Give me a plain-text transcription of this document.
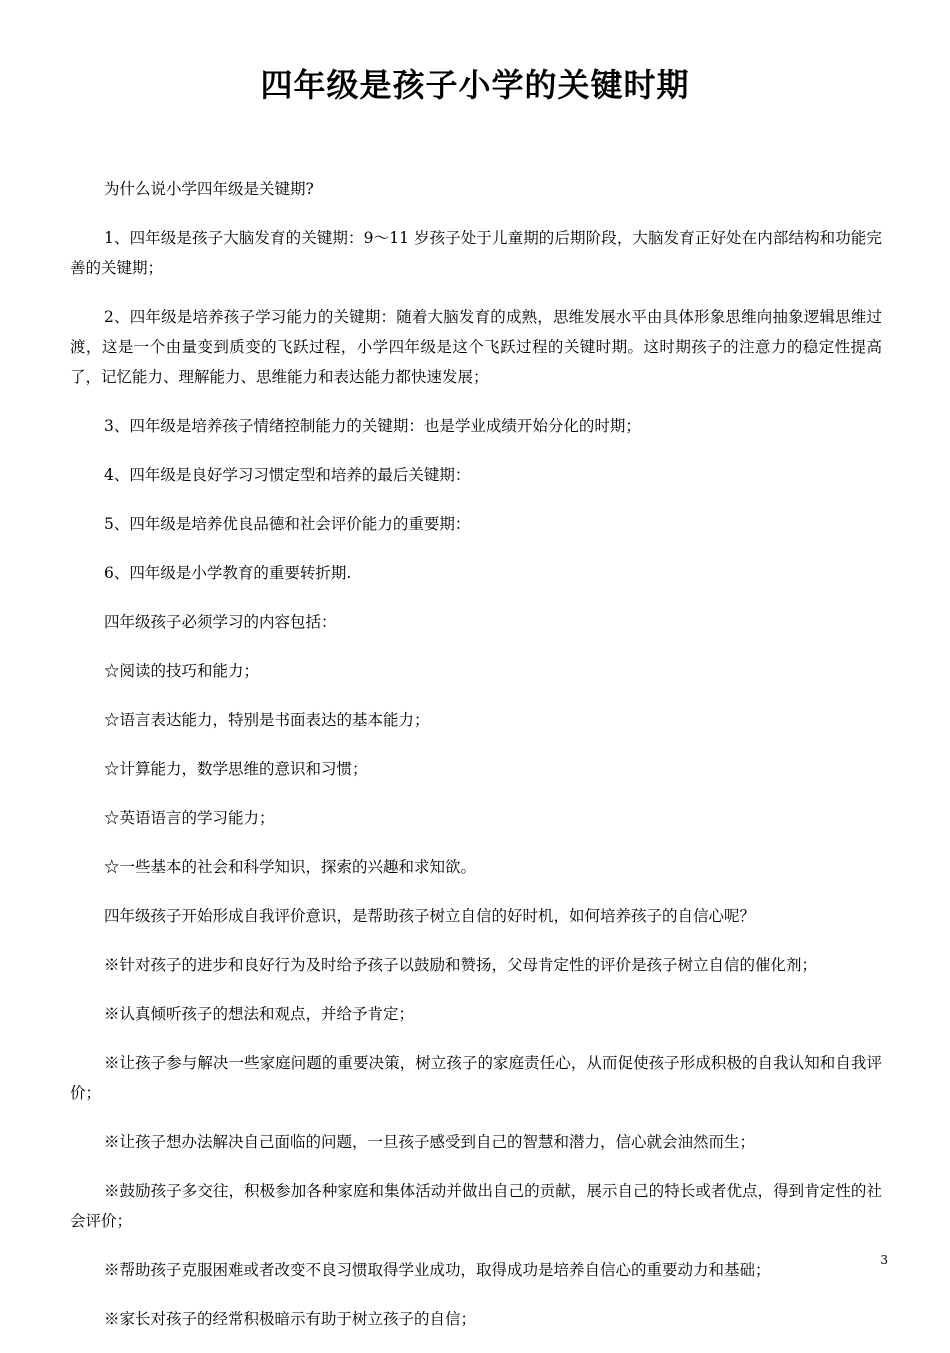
四年级是孩子小学的关键时期

为什么说小学四年级是关键期?

1、四年级是孩子大脑发育的关键期：9～11 岁孩子处于儿童期的后期阶段，大脑发育正好处在内部结构和功能完善的关键期；

2、四年级是培养孩子学习能力的关键期：随着大脑发育的成熟，思维发展水平由具体形象思维向抽象逻辑思维过渡，这是一个由量变到质变的飞跃过程，小学四年级是这个飞跃过程的关键时期。这时期孩子的注意力的稳定性提高了，记忆能力、理解能力、思维能力和表达能力都快速发展；

3、四年级是培养孩子情绪控制能力的关键期：也是学业成绩开始分化的时期；

4、四年级是良好学习习惯定型和培养的最后关键期：

5、四年级是培养优良品德和社会评价能力的重要期：

6、四年级是小学教育的重要转折期.

四年级孩子必须学习的内容包括：

☆阅读的技巧和能力；

☆语言表达能力，特别是书面表达的基本能力；

☆计算能力，数学思维的意识和习惯；

☆英语语言的学习能力；

☆一些基本的社会和科学知识，探索的兴趣和求知欲。

四年级孩子开始形成自我评价意识，是帮助孩子树立自信的好时机，如何培养孩子的自信心呢？

※针对孩子的进步和良好行为及时给予孩子以鼓励和赞扬，父母肯定性的评价是孩子树立自信的催化剂；

※认真倾听孩子的想法和观点，并给予肯定；

※让孩子参与解决一些家庭问题的重要决策，树立孩子的家庭责任心，从而促使孩子形成积极的自我认知和自我评价；

※让孩子想办法解决自己面临的问题，一旦孩子感受到自己的智慧和潜力，信心就会油然而生；

※鼓励孩子多交往，积极参加各种家庭和集体活动并做出自己的贡献，展示自己的特长或者优点，得到肯定性的社会评价；

※帮助孩子克服困难或者改变不良习惯取得学业成功，取得成功是培养自信心的重要动力和基础；

※家长对孩子的经常积极暗示有助于树立孩子的自信；

3
